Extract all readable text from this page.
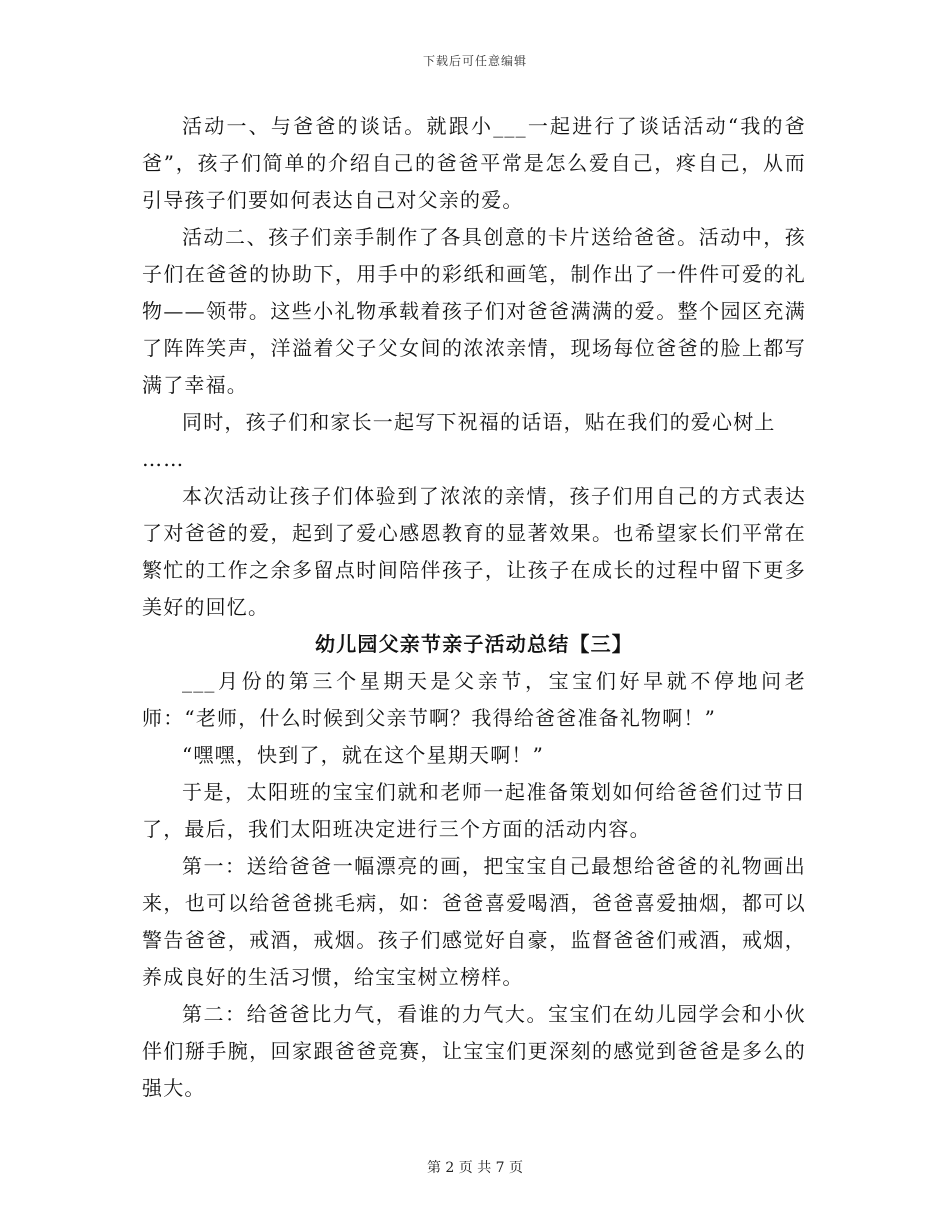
下载后可任意编辑

活动一、与爸爸的谈话。就跟小___一起进行了谈话活动“我的爸爸”，孩子们简单的介绍自己的爸爸平常是怎么爱自己，疼自己，从而引导孩子们要如何表达自己对父亲的爱。

活动二、孩子们亲手制作了各具创意的卡片送给爸爸。活动中，孩子们在爸爸的协助下，用手中的彩纸和画笔，制作出了一件件可爱的礼物——领带。这些小礼物承载着孩子们对爸爸满满的爱。整个园区充满了阵阵笑声，洋溢着父子父女间的浓浓亲情，现场每位爸爸的脸上都写满了幸福。

同时，孩子们和家长一起写下祝福的话语，贴在我们的爱心树上

……

本次活动让孩子们体验到了浓浓的亲情，孩子们用自己的方式表达了对爸爸的爱，起到了爱心感恩教育的显著效果。也希望家长们平常在繁忙的工作之余多留点时间陪伴孩子，让孩子在成长的过程中留下更多美好的回忆。

幼儿园父亲节亲子活动总结【三】

___月份的第三个星期天是父亲节，宝宝们好早就不停地问老师：“老师，什么时候到父亲节啊？我得给爸爸准备礼物啊！”

“嘿嘿，快到了，就在这个星期天啊！”

于是，太阳班的宝宝们就和老师一起准备策划如何给爸爸们过节日了，最后，我们太阳班决定进行三个方面的活动内容。

第一：送给爸爸一幅漂亮的画，把宝宝自己最想给爸爸的礼物画出来，也可以给爸爸挑毛病，如：爸爸喜爱喝酒，爸爸喜爱抽烟，都可以警告爸爸，戒酒，戒烟。孩子们感觉好自豪，监督爸爸们戒酒，戒烟，养成良好的生活习惯，给宝宝树立榜样。

第二：给爸爸比力气，看谁的力气大。宝宝们在幼儿园学会和小伙伴们掰手腕，回家跟爸爸竞赛，让宝宝们更深刻的感觉到爸爸是多么的强大。

第 2 页 共 7 页
